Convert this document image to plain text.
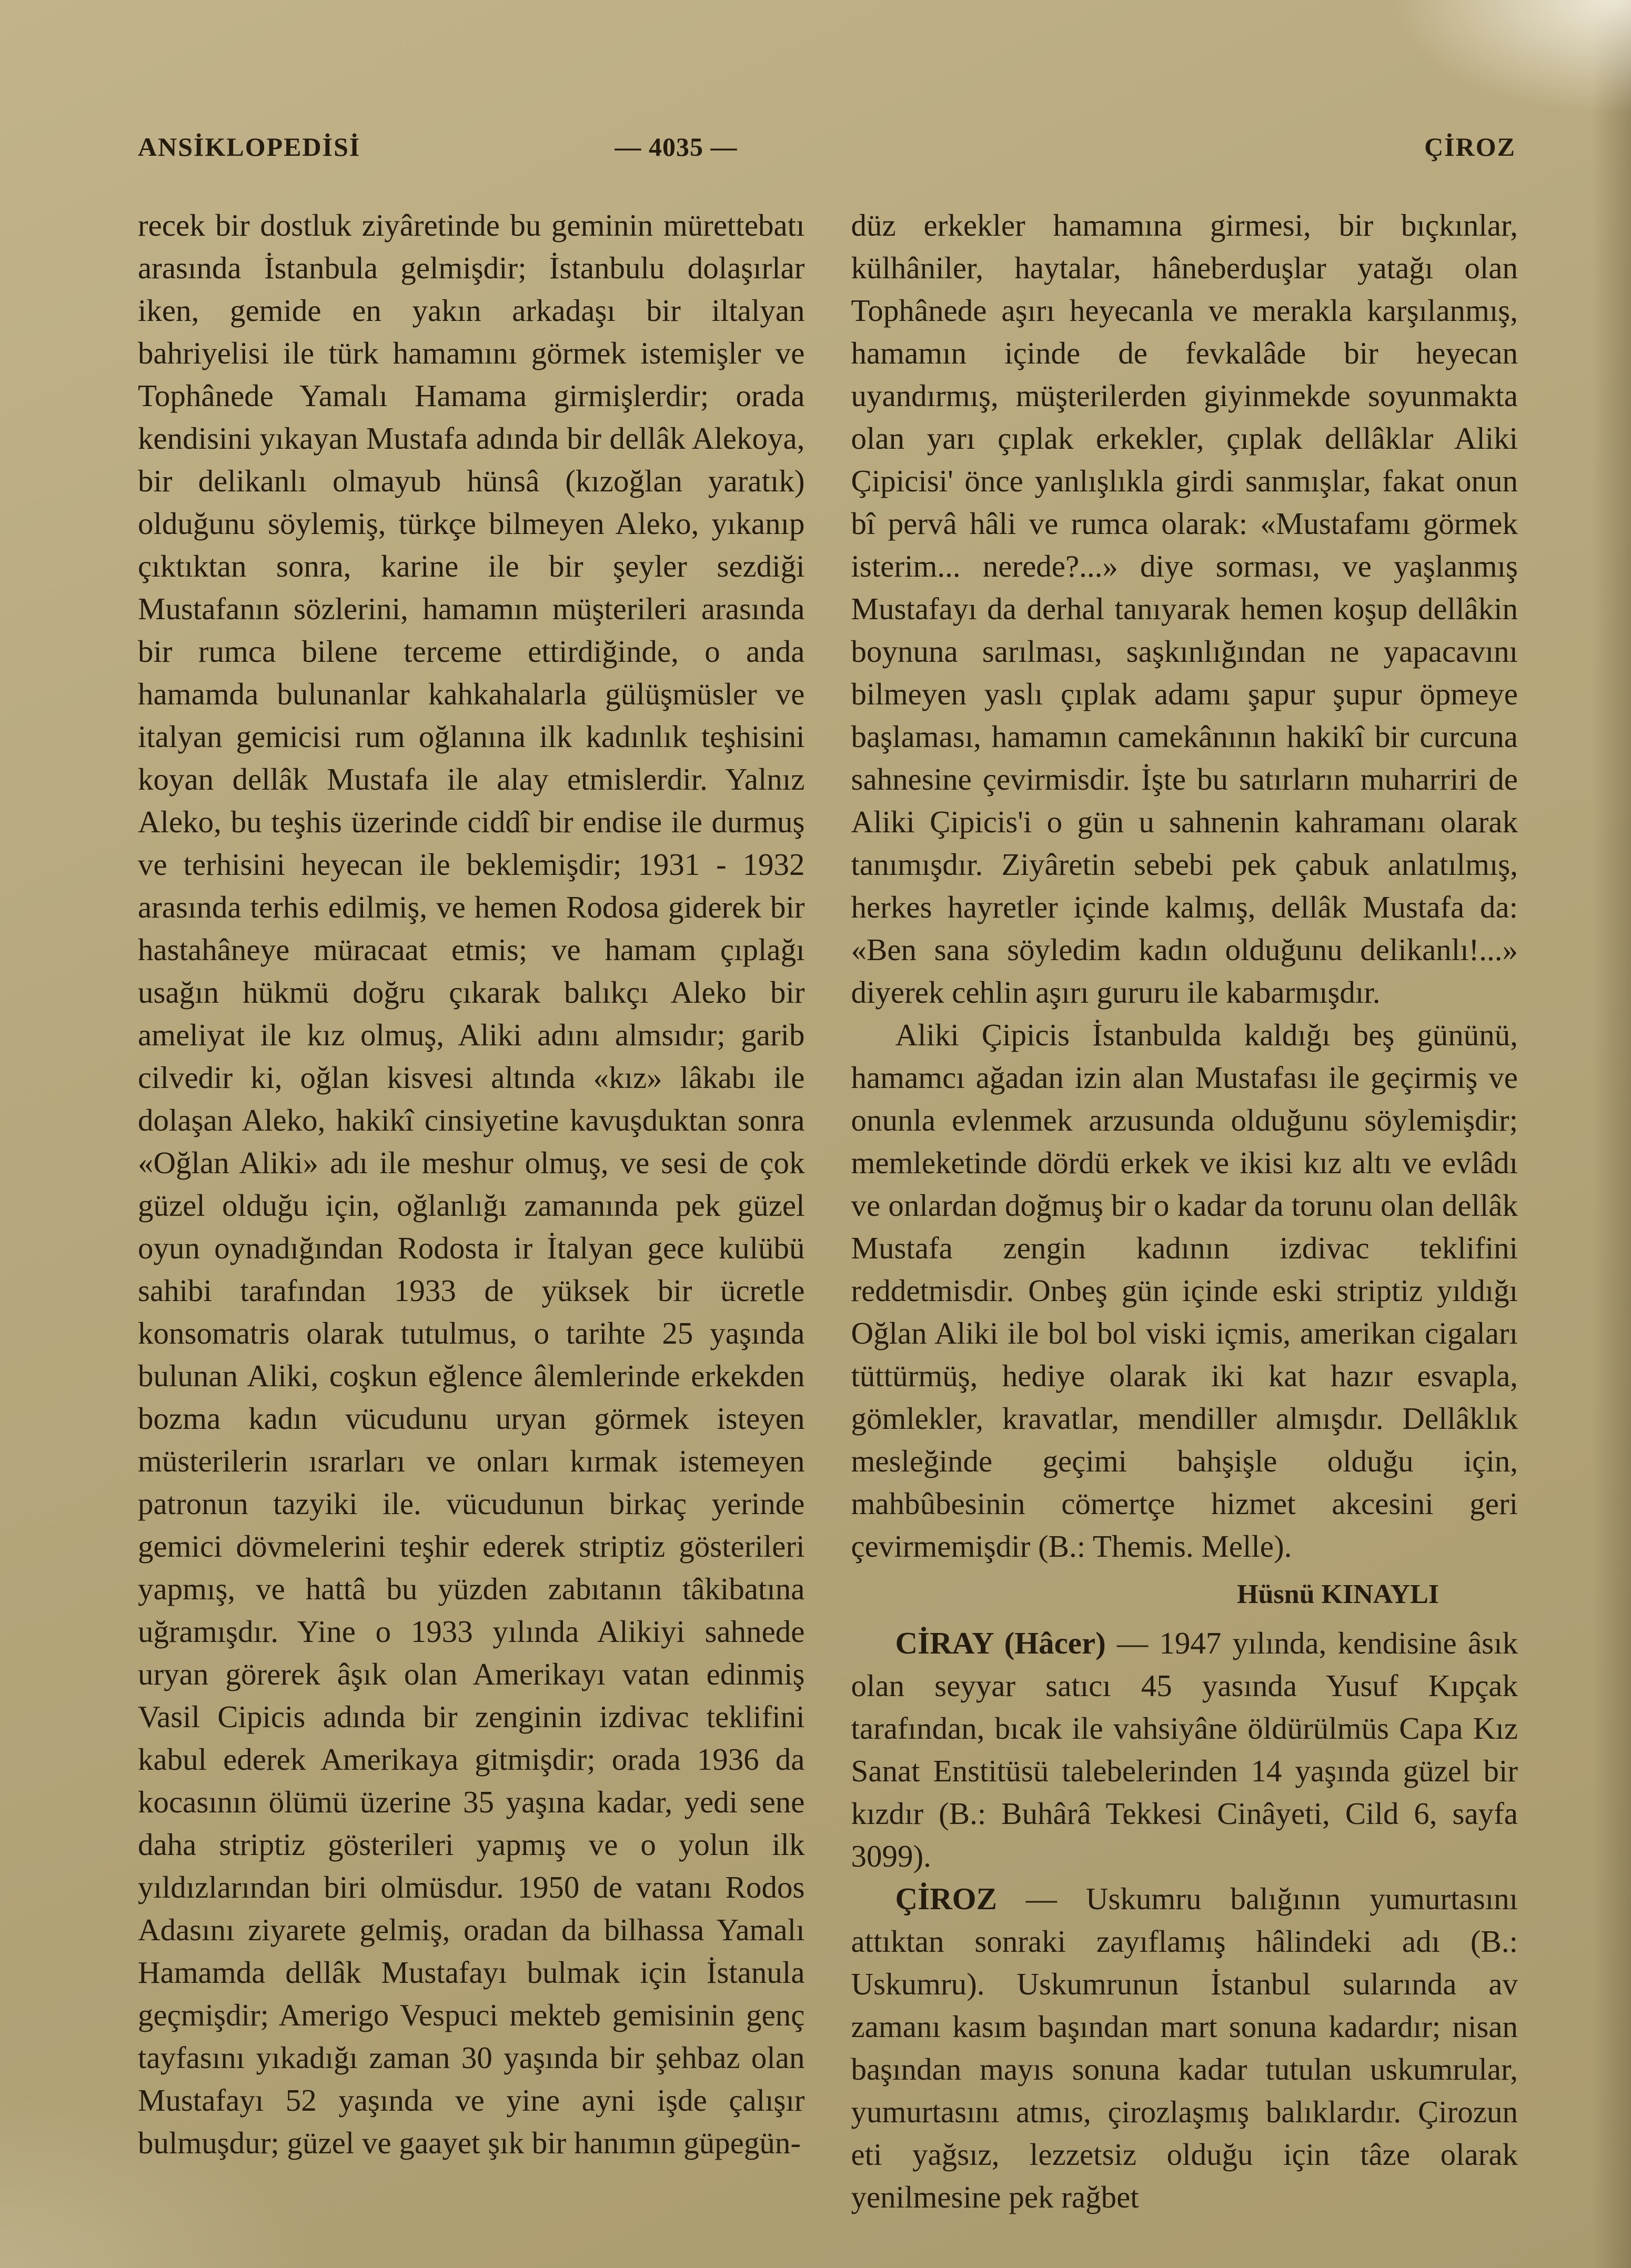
ANSİKLOPEDİSİ	— 4035 —	ÇİROZ

recek bir dostluk ziyâretinde bu geminin mürettebatı arasında İstanbula gelmişdir; İstanbulu dolaşırlar iken, gemide en yakın arkadaşı bir iltalyan bahriyelisi ile türk hamamını görmek istemişler ve Tophânede Yamalı Hamama girmişlerdir; orada kendisini yıkayan Mustafa adında bir dellâk Alekoya, bir delikanlı olmayub hünsâ (kızoğlan yaratık) olduğunu söylemiş, türkçe bilmeyen Aleko, yıkanıp çıktıktan sonra, karine ile bir şeyler sezdiği Mustafanın sözlerini, hamamın müşterileri arasında bir rumca bilene terceme ettirdiğinde, o anda hamamda bulunanlar kahkahalarla gülüşmüsler ve italyan gemicisi rum oğlanına ilk kadınlık teşhisini koyan dellâk Mustafa ile alay etmislerdir. Yalnız Aleko, bu teşhis üzerinde ciddî bir endise ile durmuş ve terhisini heyecan ile beklemişdir; 1931 - 1932 arasında terhis edilmiş, ve hemen Rodosa giderek bir hastahâneye müracaat etmis; ve hamam çıplağı usağın hükmü doğru çıkarak balıkçı Aleko bir ameliyat ile kız olmuş, Aliki adını almsıdır; garib cilvedir ki, oğlan kisvesi altında «kız» lâkabı ile dolaşan Aleko, hakikî cinsiyetine kavuşduktan sonra «Oğlan Aliki» adı ile meshur olmuş, ve sesi de çok güzel olduğu için, oğlanlığı zamanında pek güzel oyun oynadığından Rodosta ir İtalyan gece kulübü sahibi tarafından 1933 de yüksek bir ücretle konsomatris olarak tutulmus, o tarihte 25 yaşında bulunan Aliki, coşkun eğlence âlemlerinde erkekden bozma kadın vücudunu uryan görmek isteyen müsterilerin ısrarları ve onları kırmak istemeyen patronun tazyiki ile. vücudunun birkaç yerinde gemici dövmelerini teşhir ederek striptiz gösterileri yapmış, ve hattâ bu yüzden zabıtanın tâkibatına uğramışdır. Yine o 1933 yılında Alikiyi sahnede uryan görerek âşık olan Amerikayı vatan edinmiş Vasil Cipicis adında bir zenginin izdivac teklifini kabul ederek Amerikaya gitmişdir; orada 1936 da kocasının ölümü üzerine 35 yaşına kadar, yedi sene daha striptiz gösterileri yapmış ve o yolun ilk yıldızlarından biri olmüsdur. 1950 de vatanı Rodos Adasını ziyarete gelmiş, oradan da bilhassa Yamalı Hamamda dellâk Mustafayı bulmak için İstanula geçmişdir; Amerigo Vespuci mekteb gemisinin genç tayfasını yıkadığı zaman 30 yaşında bir şehbaz olan Mustafayı 52 yaşında ve yine ayni işde çalışır bulmuşdur; güzel ve gaayet şık bir hanımın güpegün-

düz erkekler hamamına girmesi, bir bıçkınlar, külhâniler, haytalar, hâneberduşlar yatağı olan Tophânede aşırı heyecanla ve merakla karşılanmış, hamamın içinde de fevkalâde bir heyecan uyandırmış, müşterilerden giyinmekde soyunmakta olan yarı çıplak erkekler, çıplak dellâklar Aliki Çipicisi' önce yanlışlıkla girdi sanmışlar, fakat onun bî pervâ hâli ve rumca olarak: «Mustafamı görmek isterim... nerede?...» diye sorması, ve yaşlanmış Mustafayı da derhal tanıyarak hemen koşup dellâkin boynuna sarılması, saşkınlığından ne yapacavını bilmeyen yaslı çıplak adamı şapur şupur öpmeye başlaması, hamamın camekânının hakikî bir curcuna sahnesine çevirmisdir. İşte bu satırların muharriri de Aliki Çipicis'i o gün u sahnenin kahramanı olarak tanımışdır. Ziyâretin sebebi pek çabuk anlatılmış, herkes hayretler içinde kalmış, dellâk Mustafa da: «Ben sana söyledim kadın olduğunu delikanlı!...» diyerek cehlin aşırı gururu ile kabarmışdır.

Aliki Çipicis İstanbulda kaldığı beş gününü, hamamcı ağadan izin alan Mustafası ile geçirmiş ve onunla evlenmek arzusunda olduğunu söylemişdir; memleketinde dördü erkek ve ikisi kız altı ve evlâdı ve onlardan doğmuş bir o kadar da torunu olan dellâk Mustafa zengin kadının izdivac teklifini reddetmisdir. Onbeş gün içinde eski striptiz yıldığı Oğlan Aliki ile bol bol viski içmis, amerikan cigaları tüttürmüş, hediye olarak iki kat hazır esvapla, gömlekler, kravatlar, mendiller almışdır. Dellâklık mesleğinde geçimi bahşişle olduğu için, mahbûbesinin cömertçe hizmet akcesini geri çevirmemişdir (B.: Themis. Melle).

Hüsnü KINAYLI

CİRAY (Hâcer) — 1947 yılında, kendisine âsık olan seyyar satıcı 45 yasında Yusuf Kıpçak tarafından, bıcak ile vahsiyâne öldürülmüs Capa Kız Sanat Enstitüsü talebelerinden 14 yaşında güzel bir kızdır (B.: Buhârâ Tekkesi Cinâyeti, Cild 6, sayfa 3099).

ÇİROZ — Uskumru balığının yumurtasını attıktan sonraki zayıflamış hâlindeki adı (B.: Uskumru). Uskumrunun İstanbul sularında av zamanı kasım başından mart sonuna kadardır; nisan başından mayıs sonuna kadar tutulan uskumrular, yumurtasını atmıs, çirozlaşmış balıklardır. Çirozun eti yağsız, lezzetsiz olduğu için tâze olarak yenilmesine pek rağbet
